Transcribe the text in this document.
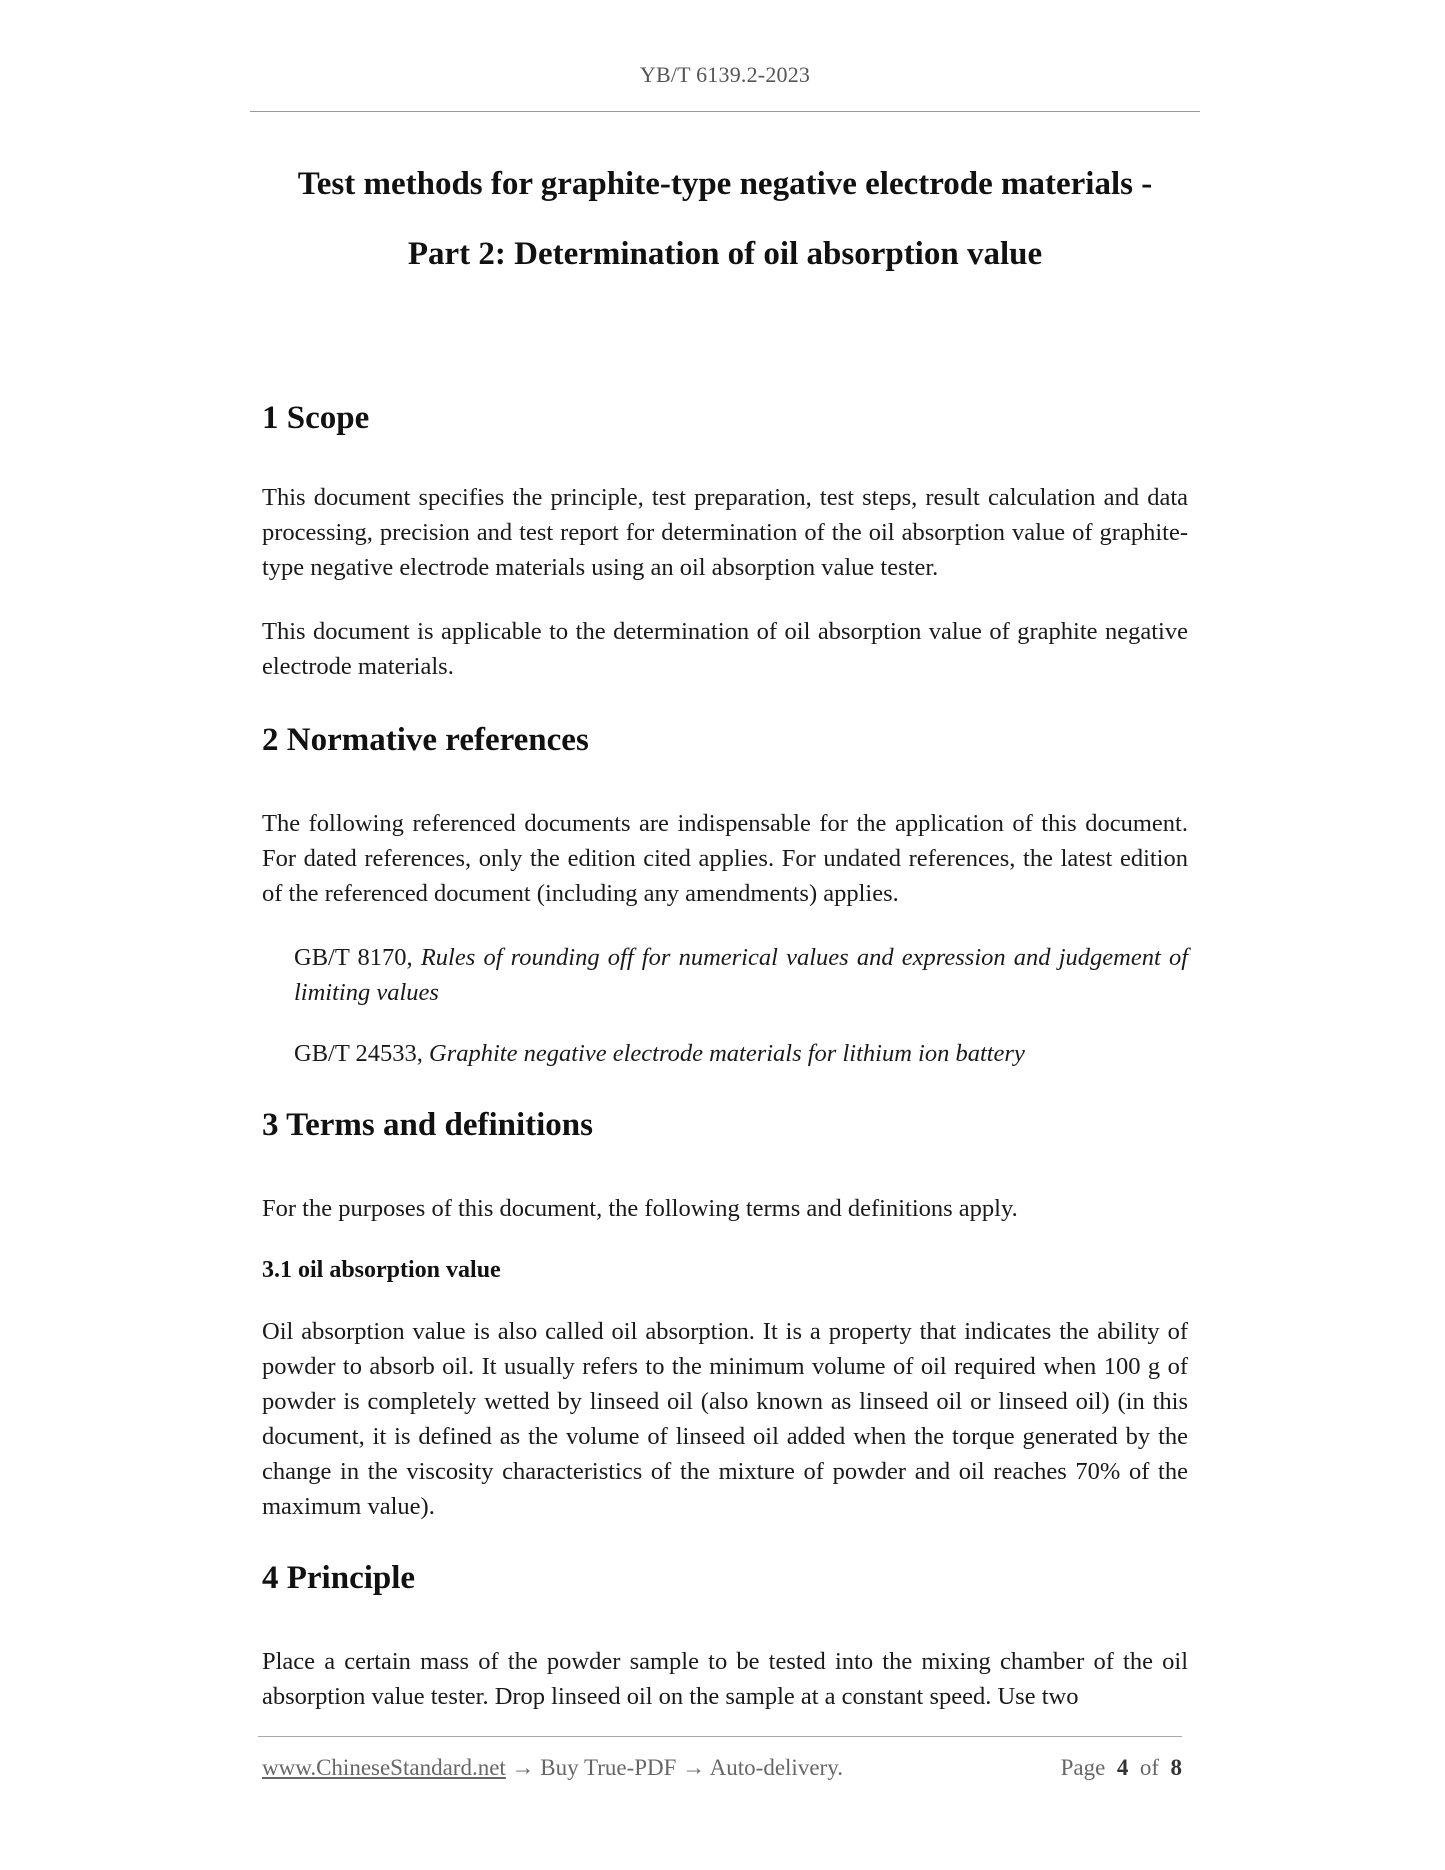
YB/T 6139.2-2023
Test methods for graphite-type negative electrode materials -
Part 2: Determination of oil absorption value
1 Scope

This document specifies the principle, test preparation, test steps, result calculation and data processing, precision and test report for determination of the oil absorption value of graphite-type negative electrode materials using an oil absorption value tester.

This document is applicable to the determination of oil absorption value of graphite negative electrode materials.

2 Normative references

The following referenced documents are indispensable for the application of this document. For dated references, only the edition cited applies. For undated references, the latest edition of the referenced document (including any amendments) applies.

GB/T 8170, Rules of rounding off for numerical values and expression and judgement of limiting values

GB/T 24533, Graphite negative electrode materials for lithium ion battery

3 Terms and definitions

For the purposes of this document, the following terms and definitions apply.

3.1 oil absorption value

Oil absorption value is also called oil absorption. It is a property that indicates the ability of powder to absorb oil. It usually refers to the minimum volume of oil required when 100 g of powder is completely wetted by linseed oil (also known as linseed oil or linseed oil) (in this document, it is defined as the volume of linseed oil added when the torque generated by the change in the viscosity characteristics of the mixture of powder and oil reaches 70% of the maximum value).

4 Principle

Place a certain mass of the powder sample to be tested into the mixing chamber of the oil absorption value tester. Drop linseed oil on the sample at a constant speed. Use two

www.ChineseStandard.net → Buy True-PDF → Auto-delivery.	Page 4 of 8
